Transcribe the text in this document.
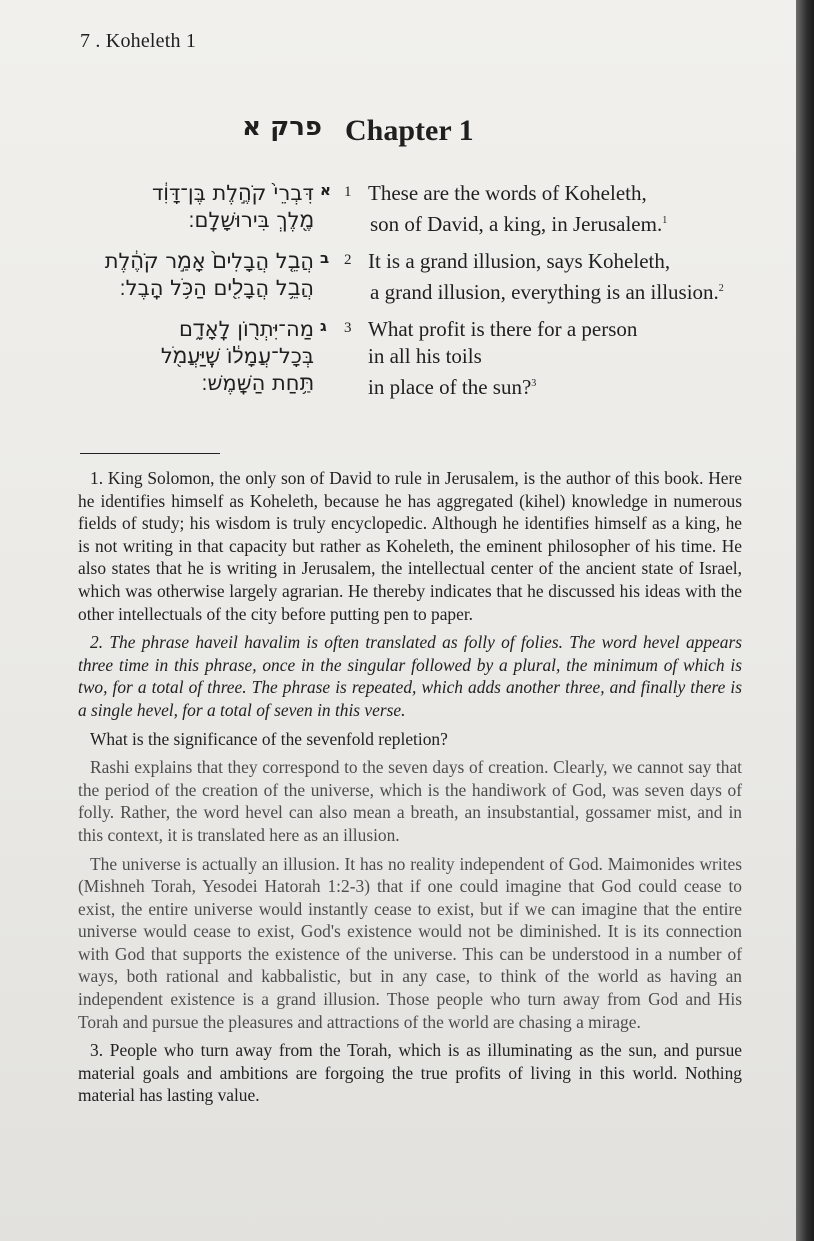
7 . Koheleth 1
פרק א Chapter 1
דִּבְרֵי֙ קֹהֶ֣לֶת בֶּן־דָּוִ֔ד
מֶ֖לֶךְ בִּירוּשָׁלִָֽם׃
א 1 These are the words of Koheleth,
son of David, a king, in Jerusalem.$^1$
הֲבֵ֤ל הֲבָלִים֙ אָמַ֣ר קֹהֶ֔לֶת
הֲבֵ֥ל הֲבָלִ֖ים הַכֹּ֥ל הָֽבֶל׃
ב 2 It is a grand illusion, says Koheleth,
a grand illusion, everything is an illusion.$^2$
מַה־יִּתְר֖וֹן לָֽאָדָ֑ם
בְּכָל־עֲמָל֔וֹ שֶֽׁיַּעֲמֹ֖ל
תַּ֥חַת הַשָּֽׁמֶשׁ׃
ג 3 What profit is there for a person
in all his toils
in place of the sun?$^3$

1. King Solomon, the only son of David to rule in Jerusalem, is the author of this book. Here he identifies himself as Koheleth, because he has aggregated (kihel) knowledge in numerous fields of study; his wisdom is truly encyclopedic. Although he identifies himself as a king, he is not writing in that capacity but rather as Koheleth, the eminent philosopher of his time. He also states that he is writing in Jerusalem, the intellectual center of the ancient state of Israel, which was otherwise largely agrarian. He thereby indicates that he discussed his ideas with the other intellectuals of the city before putting pen to paper.

2. The phrase haveil havalim is often translated as folly of folies. The word hevel appears three time in this phrase, once in the singular followed by a plural, the minimum of which is two, for a total of three. The phrase is repeated, which adds another three, and finally there is a single hevel, for a total of seven in this verse.

What is the significance of the sevenfold repletion?

Rashi explains that they correspond to the seven days of creation. Clearly, we cannot say that the period of the creation of the universe, which is the handiwork of God, was seven days of folly. Rather, the word hevel can also mean a breath, an insubstantial, gossamer mist, and in this context, it is translated here as an illusion.

The universe is actually an illusion. It has no reality independent of God. Maimonides writes (Mishneh Torah, Yesodei Hatorah 1:2-3) that if one could imagine that God could cease to exist, the entire universe would instantly cease to exist, but if we can imagine that the entire universe would cease to exist, God's existence would not be diminished. It is its connection with God that supports the existence of the universe. This can be understood in a number of ways, both rational and kabbalistic, but in any case, to think of the world as having an independent existence is a grand illusion. Those people who turn away from God and His Torah and pursue the pleasures and attractions of the world are chasing a mirage.

3. People who turn away from the Torah, which is as illuminating as the sun, and pursue material goals and ambitions are forgoing the true profits of living in this world. Nothing material has lasting value.
